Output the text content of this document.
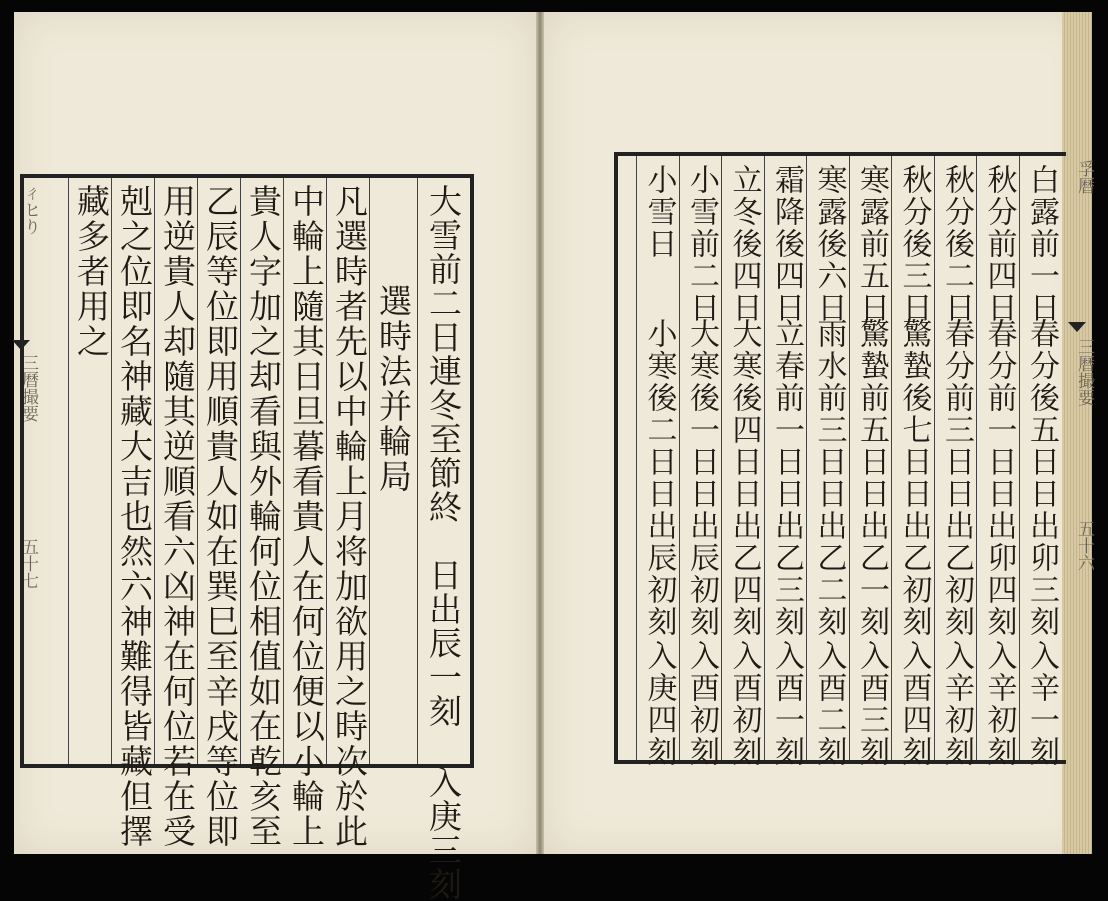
ㄔヒり
三曆撮要
五十七
大雪前二日連冬至節終 日出辰一刻 入庚三刻
選時法并輪局
凡選時者先以中輪上月将加欲用之時次於此
中輪上隨其日旦暮看貴人在何位便以小輪上
貴人字加之却看與外輪何位相值如在乾亥至
乙辰等位即用順貴人如在巽巳至辛戌等位即
用逆貴人却隨其逆順看六凶神在何位若在受
剋之位即名神藏大吉也然六神難得皆藏但擇
藏多者用之	白露前一日
春分後五日
日出卯三刻
入辛一刻
秋分前四日
春分前一日
日出卯四刻
入辛初刻
秋分後二日
春分前三日
日出乙初刻
入辛初刻
秋分後三日
驚蟄後七日
日出乙初刻
入酉四刻
寒露前五日
驚蟄前五日
日出乙一刻
入酉三刻
寒露後六日
雨水前三日
日出乙二刻
入酉二刻
霜降後四日
立春前一日
日出乙三刻
入酉一刻
立冬後四日
大寒後四日
日出乙四刻
入酉初刻
小雪前二日
大寒後一日
日出辰初刻
入酉初刻
小雪日
小寒後二日
日出辰初刻
入庚四刻
孚曆
三曆撮要
五十六
